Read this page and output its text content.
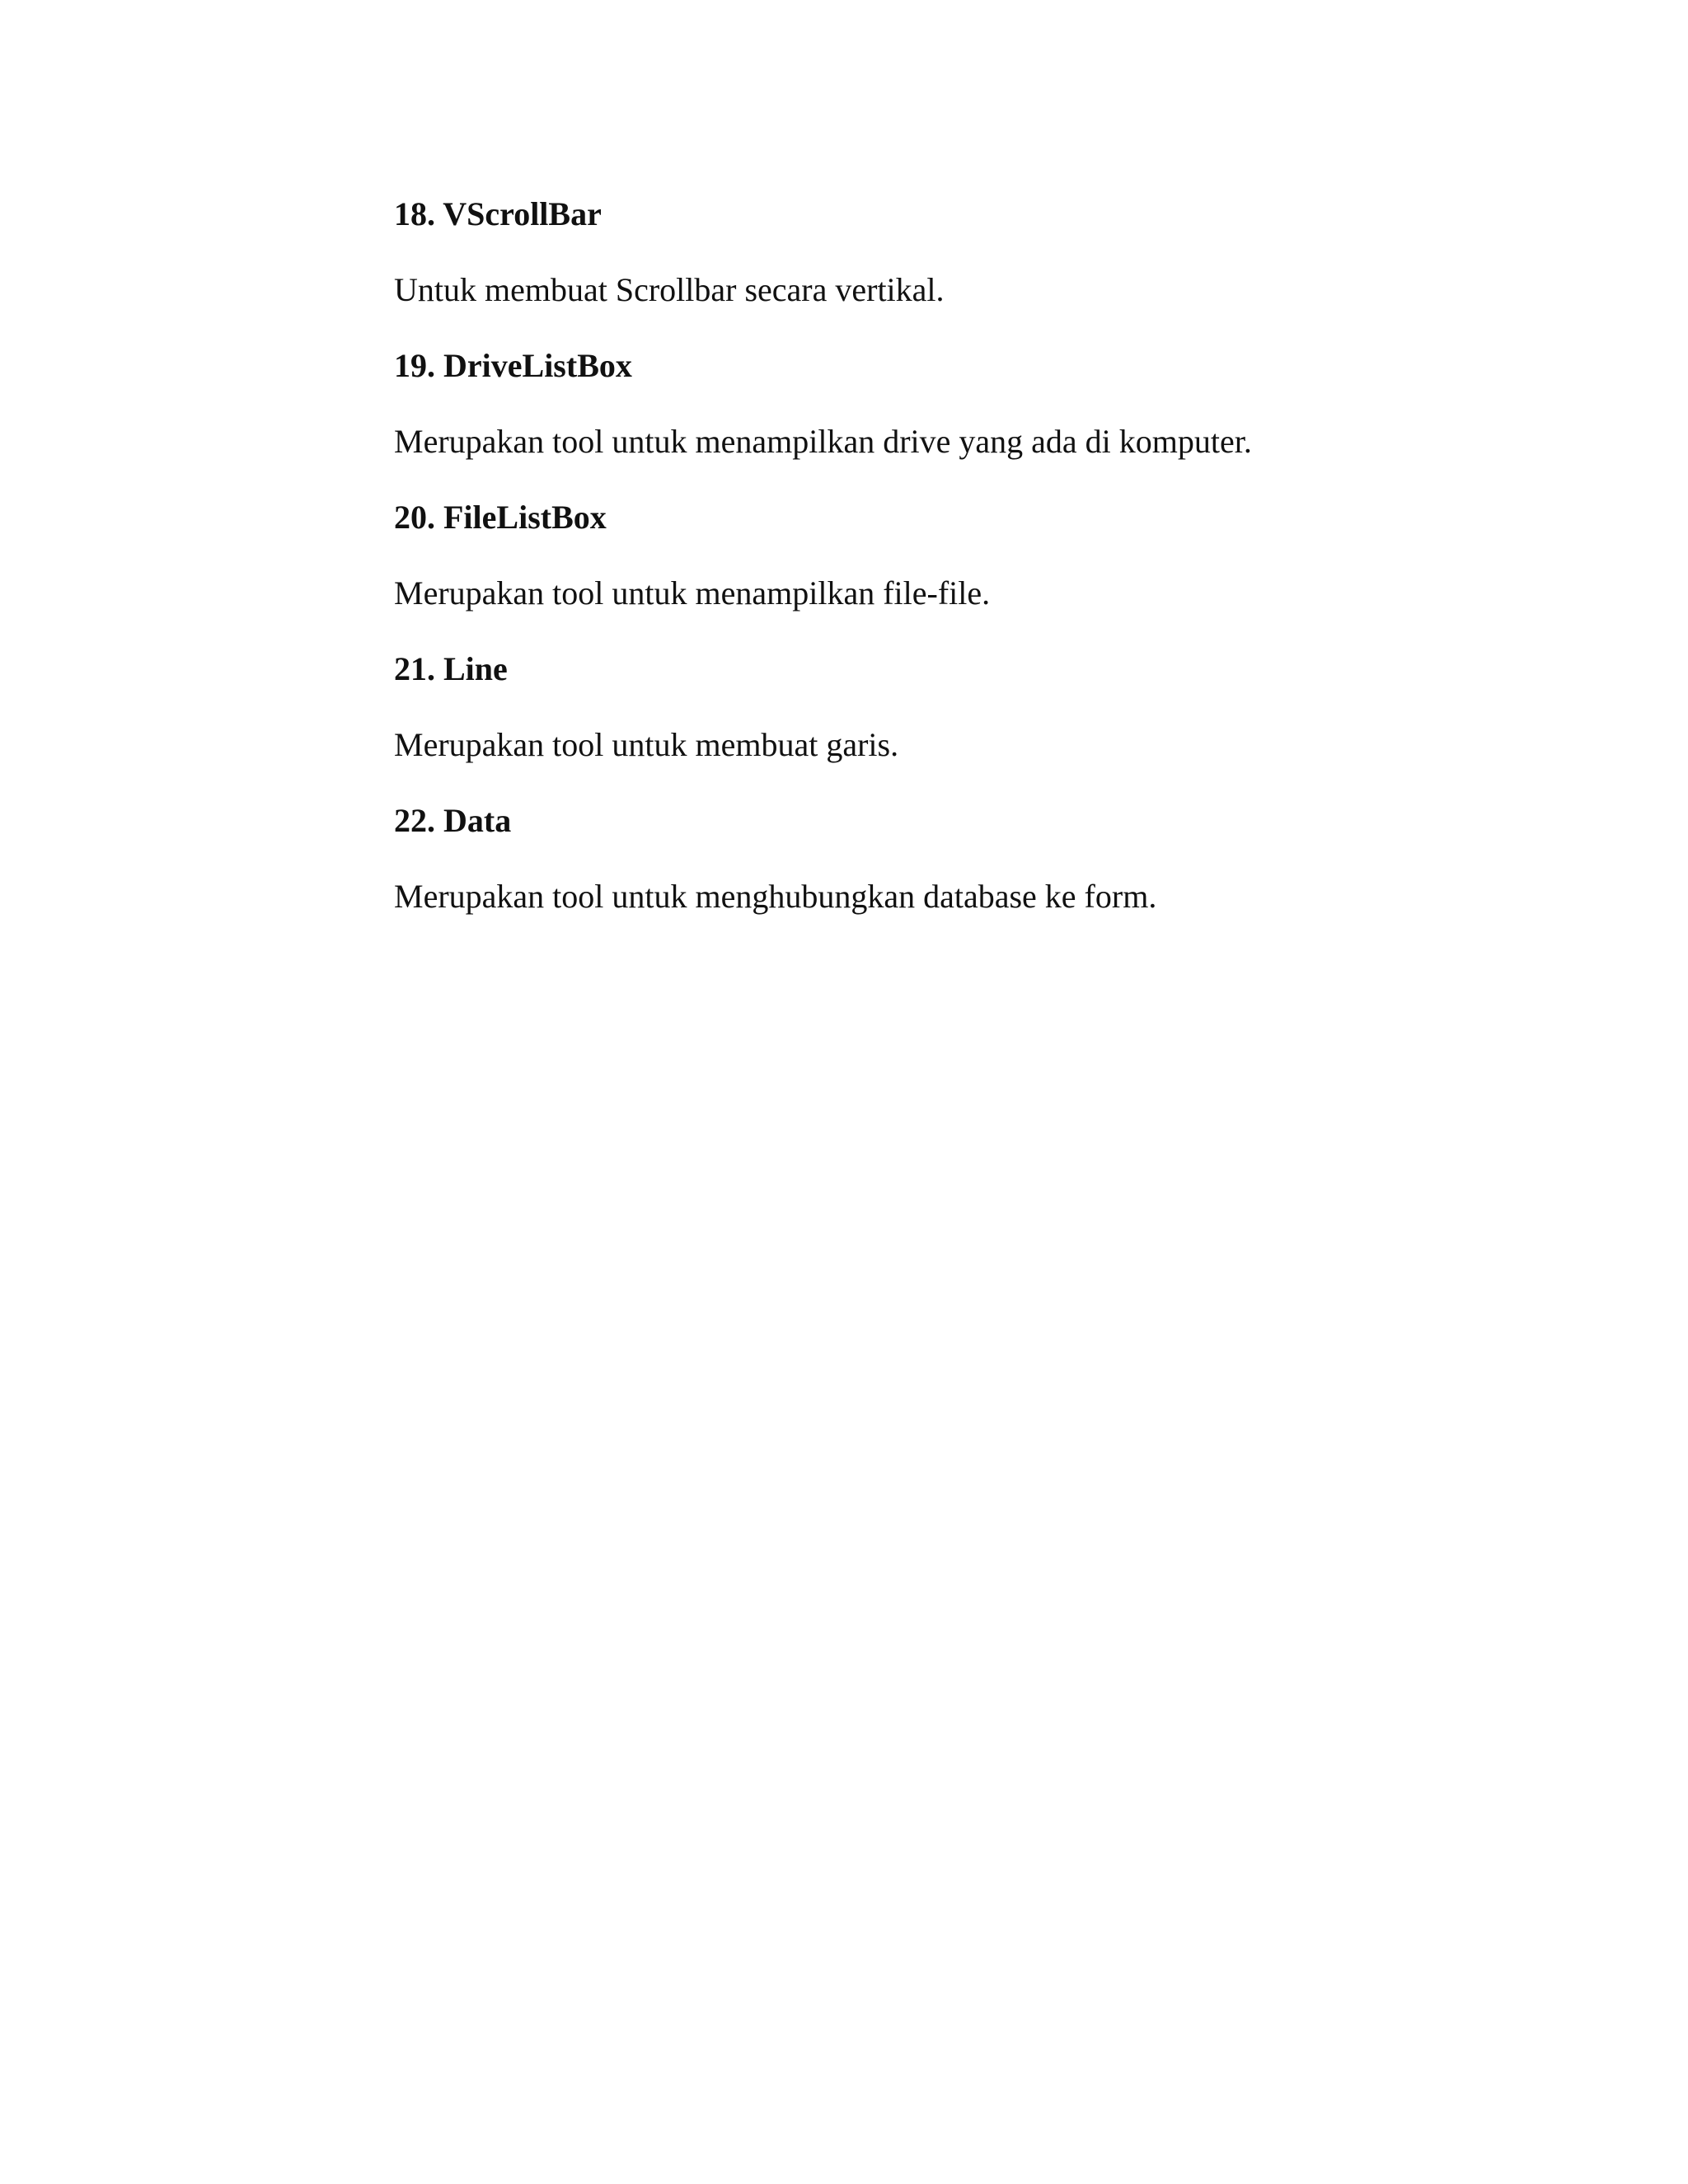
18. VScrollBar
Untuk membuat Scrollbar secara vertikal.
19. DriveListBox
Merupakan tool untuk menampilkan drive yang ada di komputer.
20. FileListBox
Merupakan tool untuk menampilkan file-file.
21. Line
Merupakan tool untuk membuat garis.
22. Data
Merupakan tool untuk menghubungkan database ke form.
